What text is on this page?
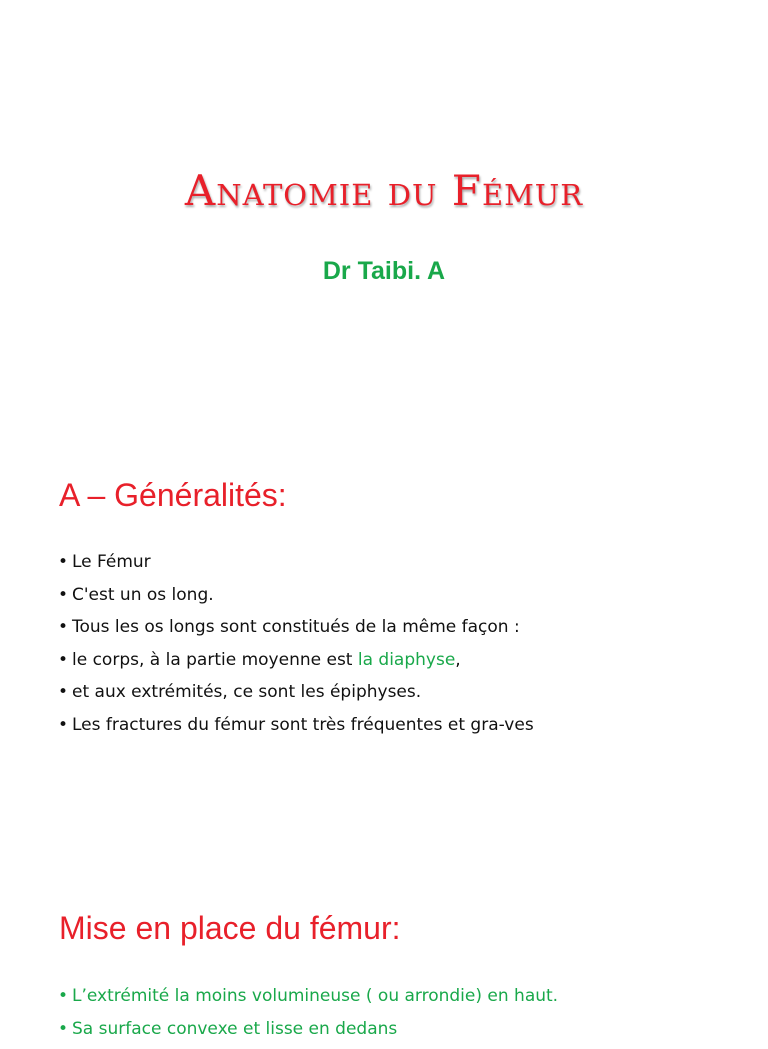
Anatomie du Fémur
Dr Taibi. A
A – Généralités:
• Le Fémur
• C'est un os long.
• Tous les os longs sont constitués de la même façon :
• le corps, à la partie moyenne est la diaphyse,
• et aux extrémités, ce sont les épiphyses.
• Les fractures du fémur sont très fréquentes et gra-ves
Mise en place du fémur:
• L’extrémité la moins volumineuse ( ou arrondie) en haut.
• Sa surface convexe et lisse en dedans
